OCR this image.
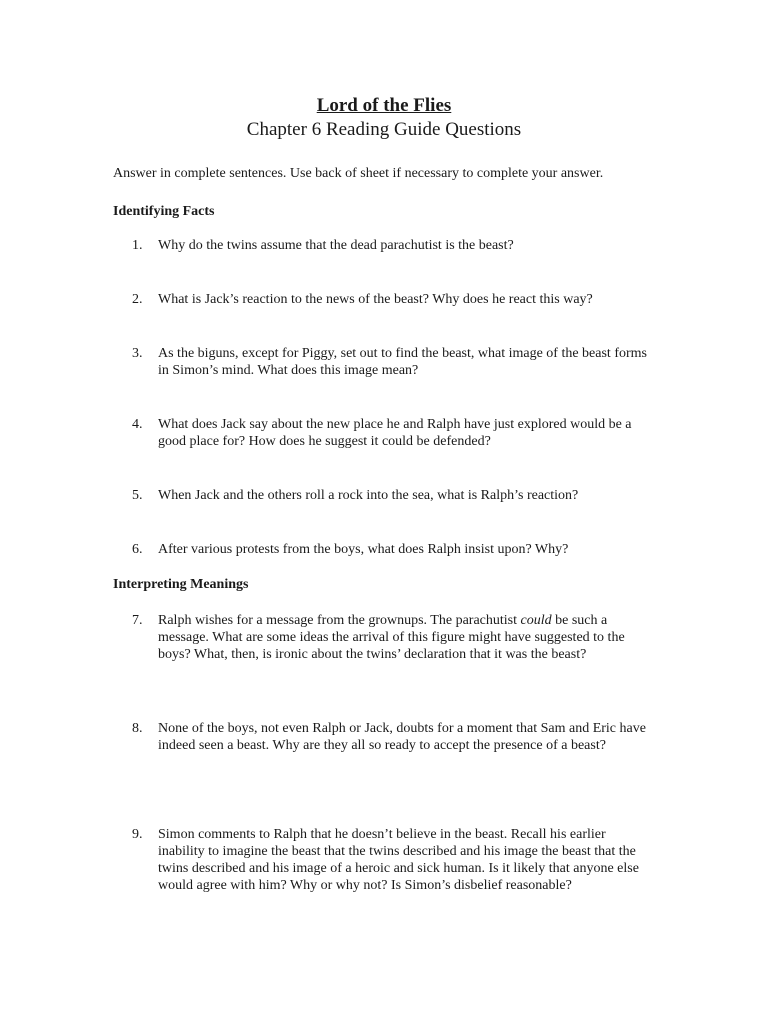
Lord of the Flies
Chapter 6 Reading Guide Questions
Answer in complete sentences. Use back of sheet if necessary to complete your answer.
Identifying Facts
1.	Why do the twins assume that the dead parachutist is the beast?
2.	What is Jack’s reaction to the news of the beast? Why does he react this way?
3.	As the biguns, except for Piggy, set out to find the beast, what image of the beast forms in Simon’s mind. What does this image mean?
4.	What does Jack say about the new place he and Ralph have just explored would be a good place for? How does he suggest it could be defended?
5.	When Jack and the others roll a rock into the sea, what is Ralph’s reaction?
6.	After various protests from the boys, what does Ralph insist upon? Why?
Interpreting Meanings
7.	Ralph wishes for a message from the grownups. The parachutist could be such a message. What are some ideas the arrival of this figure might have suggested to the boys? What, then, is ironic about the twins’ declaration that it was the beast?
8.	None of the boys, not even Ralph or Jack, doubts for a moment that Sam and Eric have indeed seen a beast. Why are they all so ready to accept the presence of a beast?
9.	Simon comments to Ralph that he doesn’t believe in the beast. Recall his earlier inability to imagine the beast that the twins described and his image the beast that the twins described and his image of a heroic and sick human. Is it likely that anyone else would agree with him? Why or why not? Is Simon’s disbelief reasonable?
